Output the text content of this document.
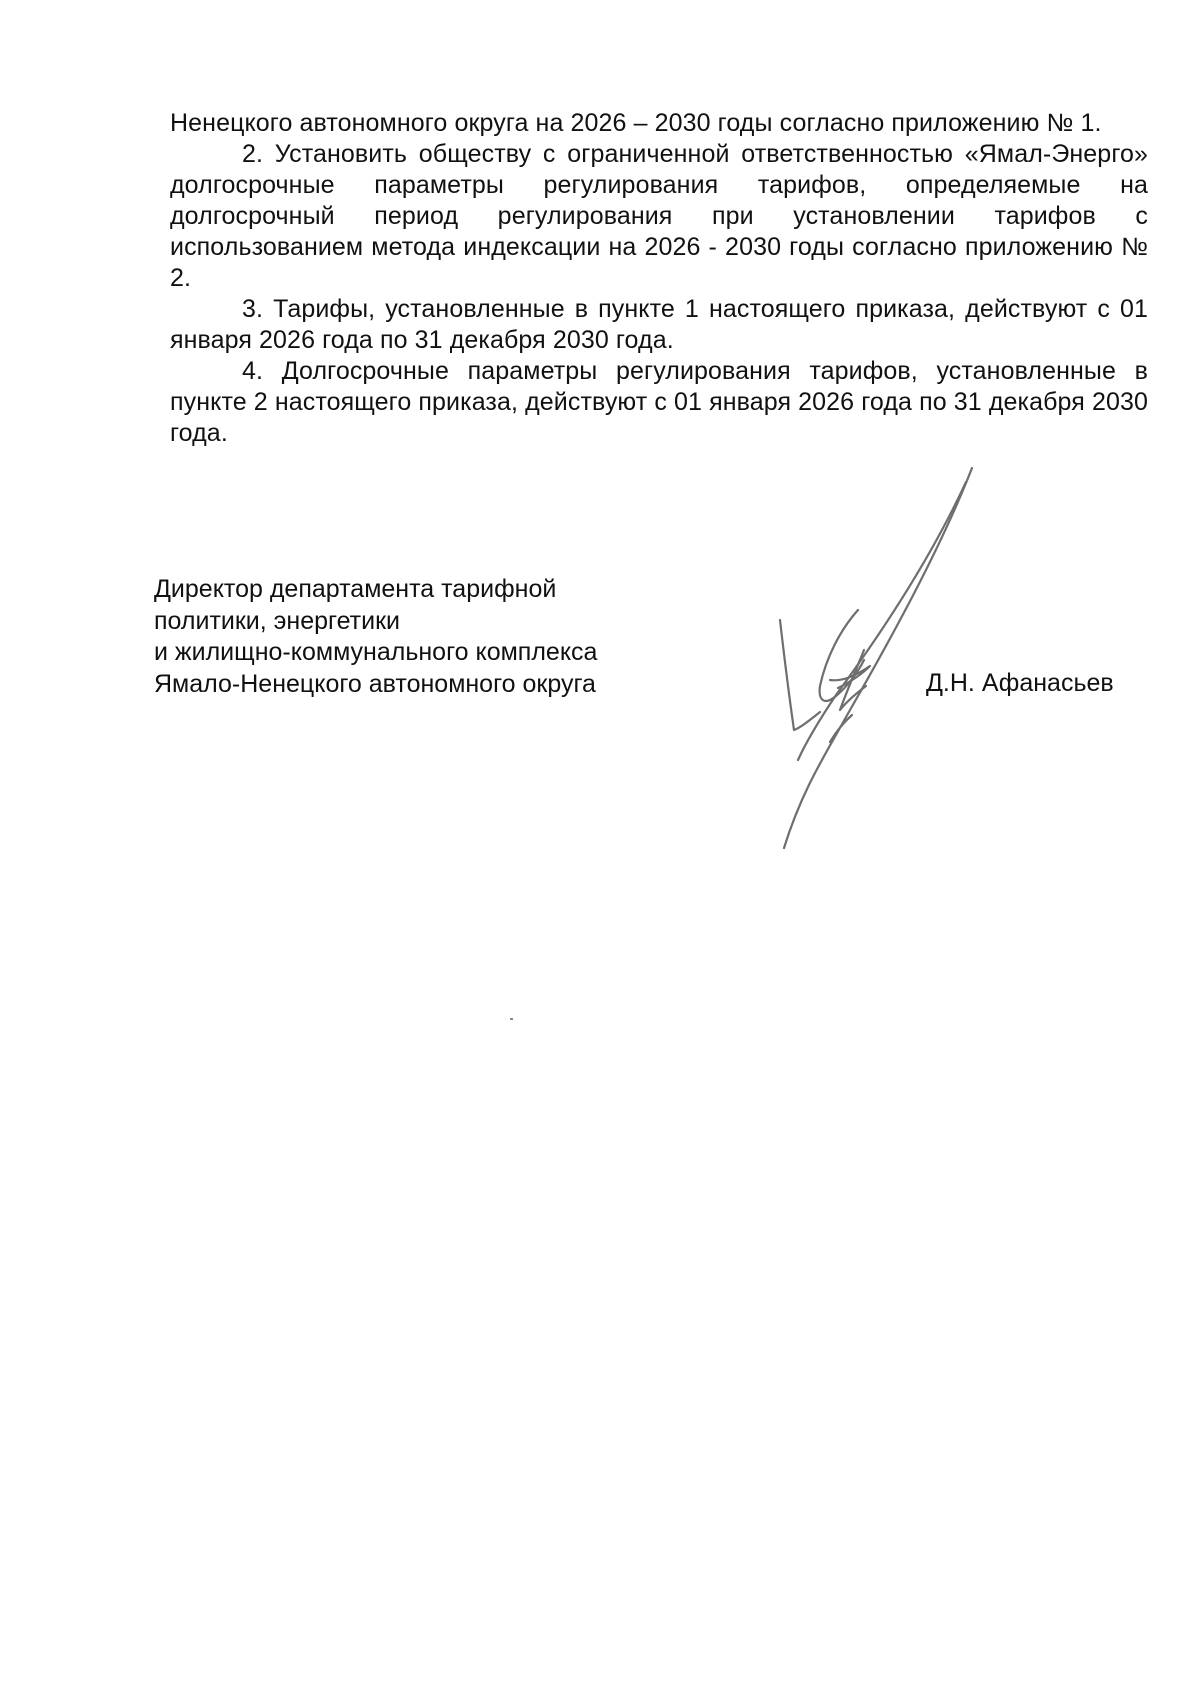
Ненецкого автономного округа на 2026 – 2030 годы согласно приложению № 1.

2. Установить обществу с ограниченной ответственностью «Ямал-Энерго» долгосрочные параметры регулирования тарифов, определяемые на долгосрочный период регулирования при установлении тарифов с использованием метода индексации на 2026 - 2030 годы согласно приложению № 2.

3. Тарифы, установленные в пункте 1 настоящего приказа, действуют с 01 января 2026 года по 31 декабря 2030 года.

4. Долгосрочные параметры регулирования тарифов, установленные в пункте 2 настоящего приказа, действуют с 01 января 2026 года по 31 декабря 2030 года.

Директор департамента тарифной
политики, энергетики
и жилищно-коммунального комплекса
Ямало-Ненецкого автономного округа	Д.Н. Афанасьев
